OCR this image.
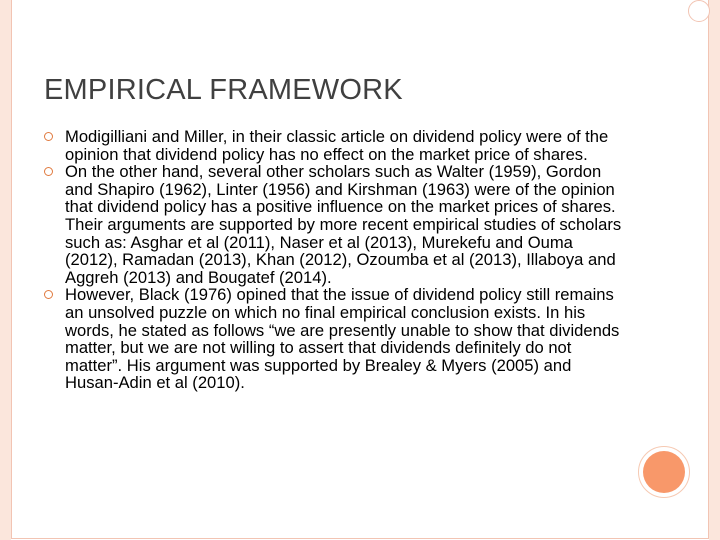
EMPIRICAL FRAMEWORK
Modigilliani and Miller, in their classic article on dividend policy were of the opinion that dividend policy has no effect on the market price of shares.
On the other hand, several other scholars such as Walter (1959), Gordon and Shapiro (1962), Linter (1956) and Kirshman (1963) were of the opinion that dividend policy has a positive influence on the market prices of shares. Their arguments are supported by more recent empirical studies of scholars such as: Asghar et al (2011), Naser et al (2013), Murekefu and Ouma (2012), Ramadan (2013), Khan (2012), Ozoumba et al (2013), Illaboya and Aggreh (2013) and Bougatef (2014).
However, Black (1976) opined that the issue of dividend policy still remains an unsolved puzzle on which no final empirical conclusion exists. In his words, he stated as follows “we are presently unable to show that dividends matter, but we are not willing to assert that dividends definitely do not matter”. His argument was supported by Brealey & Myers (2005) and Husan-Adin et al (2010).
